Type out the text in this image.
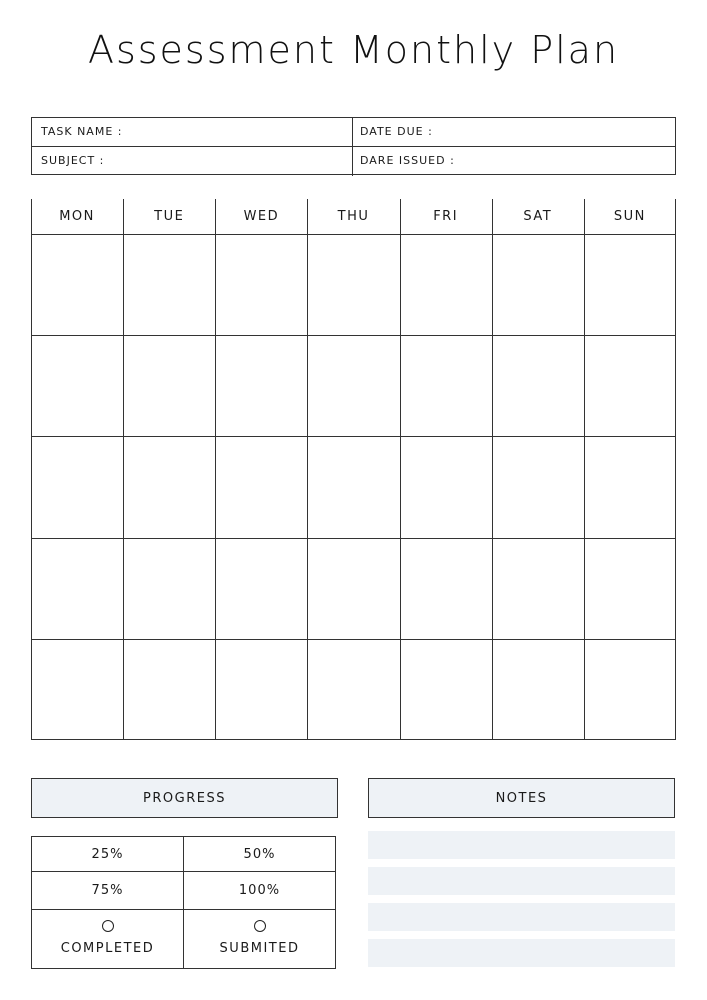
Assessment Monthly Plan
TASK NAME :	DATE DUE :
SUBJECT :	DARE ISSUED :
MON	TUE	WED	THU	FRI	SAT	SUN
PROGRESS	NOTES
25%	50%
75%	100%
COMPLETED	SUBMITED
